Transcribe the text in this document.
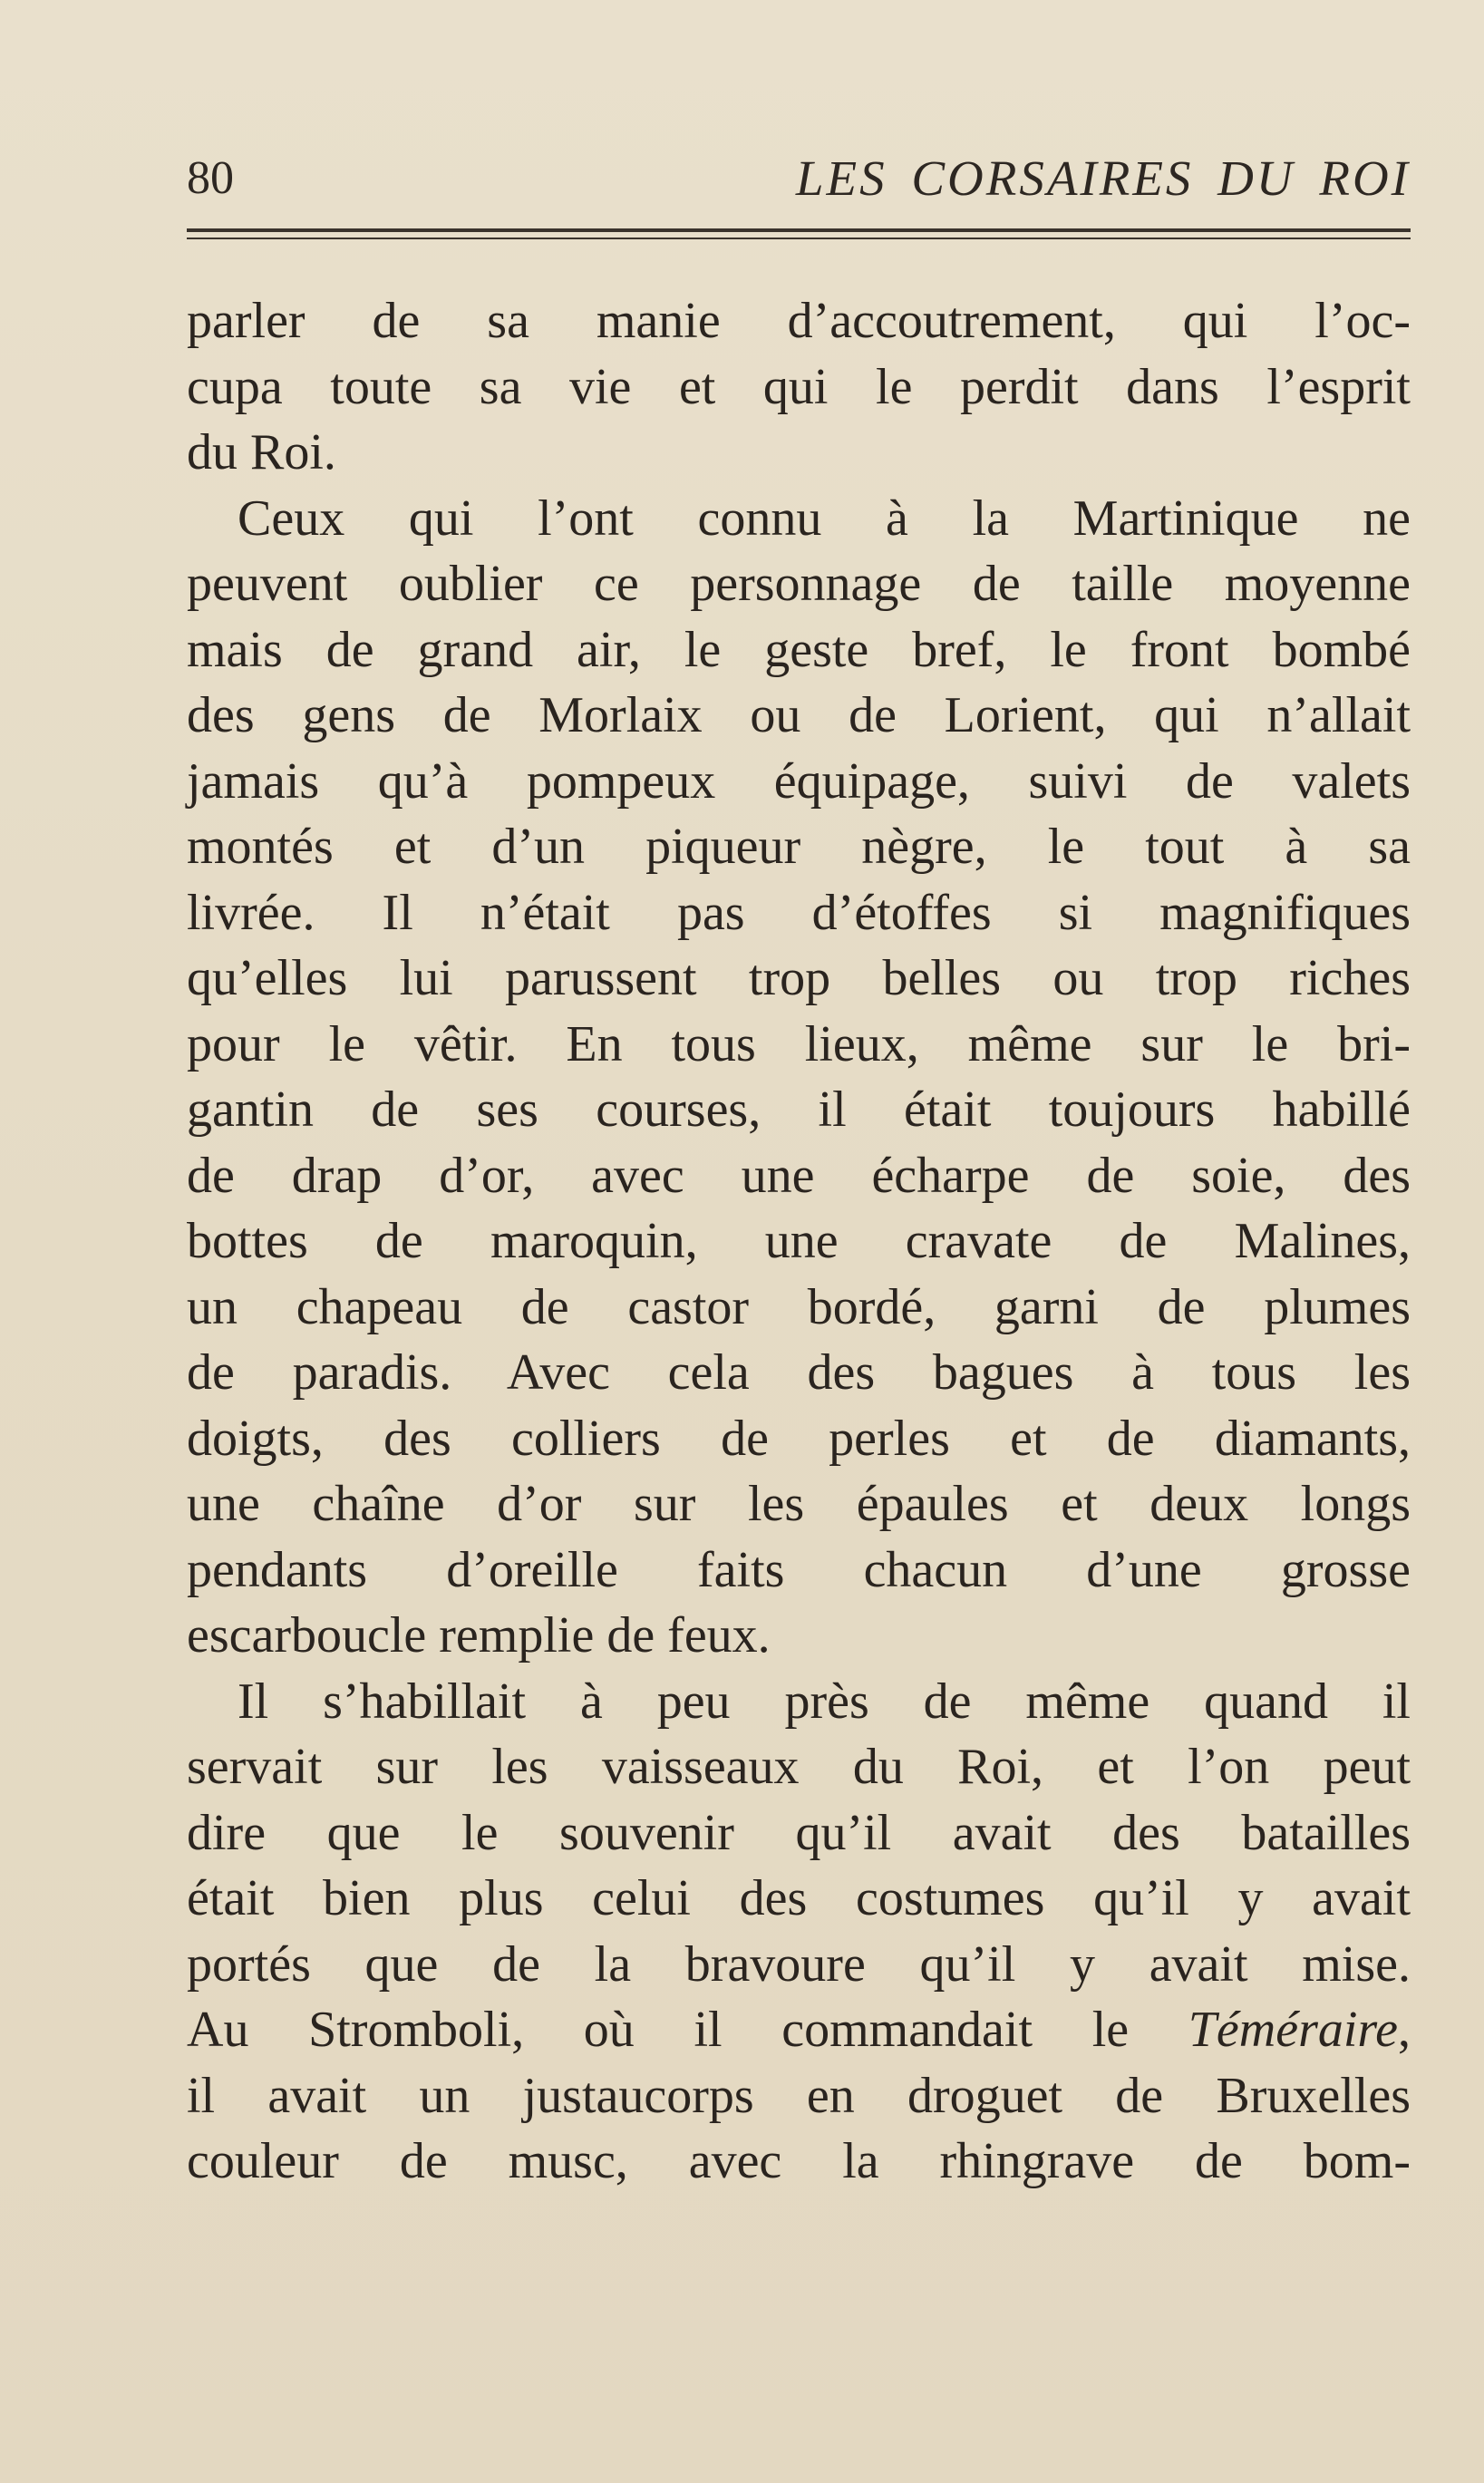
80	LES CORSAIRES DU ROI

parler de sa manie d’accoutrement, qui l’oc-
cupa toute sa vie et qui le perdit dans l’esprit
du Roi.

Ceux qui l’ont connu à la Martinique ne
peuvent oublier ce personnage de taille moyenne
mais de grand air, le geste bref, le front bombé
des gens de Morlaix ou de Lorient, qui n’allait
jamais qu’à pompeux équipage, suivi de valets
montés et d’un piqueur nègre, le tout à sa
livrée. Il n’était pas d’étoffes si magnifiques
qu’elles lui parussent trop belles ou trop riches
pour le vêtir. En tous lieux, même sur le bri-
gantin de ses courses, il était toujours habillé
de drap d’or, avec une écharpe de soie, des
bottes de maroquin, une cravate de Malines,
un chapeau de castor bordé, garni de plumes
de paradis. Avec cela des bagues à tous les
doigts, des colliers de perles et de diamants,
une chaîne d’or sur les épaules et deux longs
pendants d’oreille faits chacun d’une grosse
escarboucle remplie de feux.

Il s’habillait à peu près de même quand il
servait sur les vaisseaux du Roi, et l’on peut
dire que le souvenir qu’il avait des batailles
était bien plus celui des costumes qu’il y avait
portés que de la bravoure qu’il y avait mise.
Au Stromboli, où il commandait le Téméraire,
il avait un justaucorps en droguet de Bruxelles
couleur de musc, avec la rhingrave de bom-
